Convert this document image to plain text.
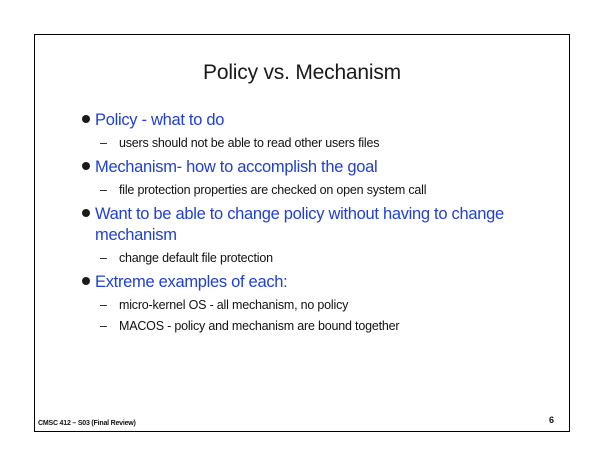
Policy vs. Mechanism
Policy - what to do
– users should not be able to read other users files
Mechanism- how to accomplish the goal
– file protection properties are checked on open system call
Want to be able to change policy without having to change mechanism
– change default file protection
Extreme examples of each:
– micro-kernel OS - all mechanism, no policy
– MACOS - policy and mechanism are bound together
CMSC 412 – S03 (Final Review)	6
